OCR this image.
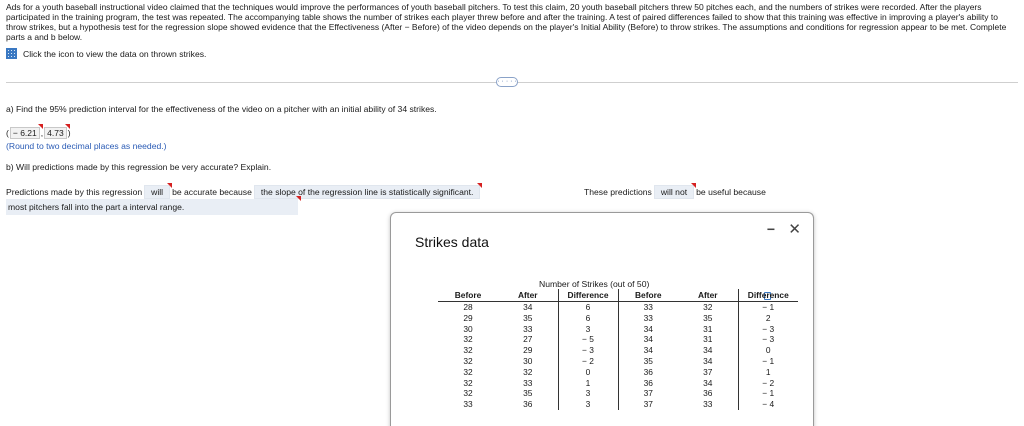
Ads for a youth baseball instructional video claimed that the techniques would improve the performances of youth baseball pitchers. To test this claim, 20 youth baseball pitchers threw 50 pitches each, and the numbers of strikes were recorded. After the players participated in the training program, the test was repeated. The accompanying table shows the number of strikes each player threw before and after the training. A test of paired differences failed to show that this training was effective in improving a player's ability to throw strikes, but a hypothesis test for the regression slope showed evidence that the Effectiveness (After − Before) of the video depends on the player's Initial Ability (Before) to throw strikes. The assumptions and conditions for regression appear to be met. Complete parts a and b below.
Click the icon to view the data on thrown strikes.
· · · · ·
a) Find the 95% prediction interval for the effectiveness of the video on a pitcher with an initial ability of 34 strikes.
( − 6.21 , 4.73 )
(Round to two decimal places as needed.)
b) Will predictions made by this regression be very accurate? Explain.
Predictions made by this regression	will	be accurate because	the slope of the regression line is statistically significant.	These predictions	will not	be useful because
most pitchers fall into the part a interval range.
Strikes data
− ✕
Number of Strikes (out of 50)
Before	After	Difference	Before	After	Difference
28	34	6	33	32	− 1
29	35	6	33	35	2
30	33	3	34	31	− 3
32	27	− 5	34	31	− 3
32	29	− 3	34	34	0
32	30	− 2	35	34	− 1
32	32	0	36	37	1
32	33	1	36	34	− 2
32	35	3	37	36	− 1
33	36	3	37	33	− 4
